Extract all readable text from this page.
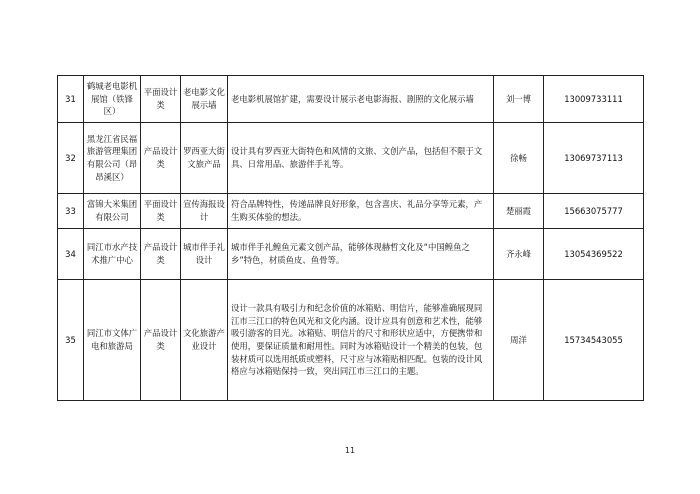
31	鹤城老电影机展馆（铁锋区）	平面设计类	老电影文化展示墙	老电影机展馆扩建，需要设计展示老电影海报、剧照的文化展示墙	刘一博	13009733111
32	黑龙江省民福旅游管理集团有限公司（昂昂溪区）	产品设计类	罗西亚大街文旅产品	设计具有罗西亚大街特色和风情的文旅、文创产品，包括但不限于文具、日常用品、旅游伴手礼等。	徐畅	13069737113
33	富锦大米集团有限公司	平面设计类	宣传海报设计	符合品牌特性，传递品牌良好形象，包含喜庆、礼品分享等元素，产生购买体验的想法。	楚丽霞	15663075777
34	同江市水产技术推广中心	产品设计类	城市伴手礼设计	城市伴手礼鳇鱼元素文创产品，能够体现赫哲文化及“中国鳇鱼之乡”特色，材质鱼皮、鱼骨等。	齐永峰	13054369522
35	同江市文体广电和旅游局	产品设计类	文化旅游产业设计	设计一款具有吸引力和纪念价值的冰箱贴、明信片，能够准确展现同江市三江口的特色风光和文化内涵。设计应具有创意和艺术性，能够吸引游客的目光。冰箱贴、明信片的尺寸和形状应适中，方便携带和使用，要保证质量和耐用性。同时为冰箱贴设计一个精美的包装，包装材质可以选用纸质或塑料，尺寸应与冰箱贴相匹配。包装的设计风格应与冰箱贴保持一致，突出同江市三江口的主题。	周洋	15734543055
11
